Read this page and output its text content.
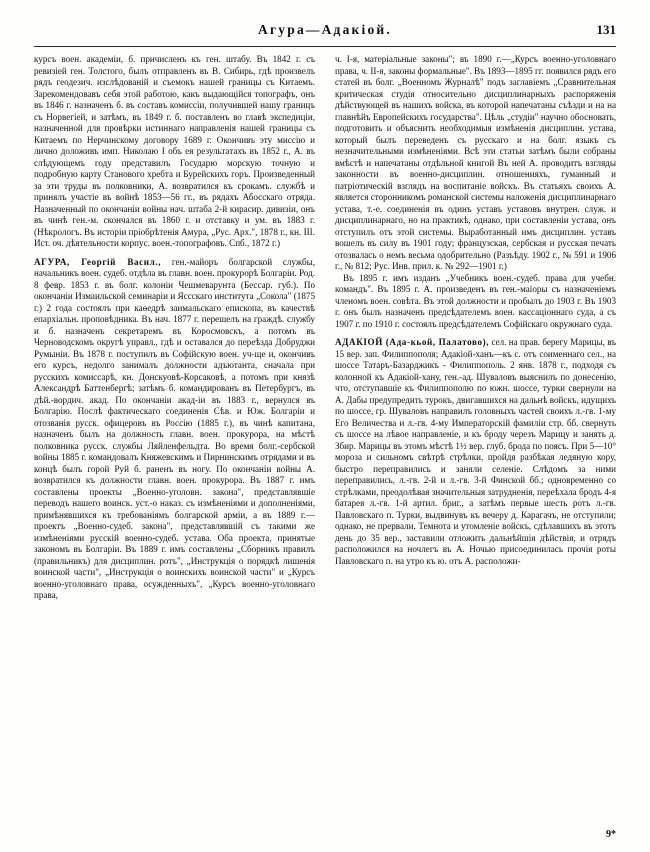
Агура—Адакіой.	131

курсъ воен. академіи, б. причисленъ къ ген. штабу. Въ 1842 г. съ ревизіей ген. Толстого, былъ отправленъ въ В. Сибирь, гдѣ произвелъ рядъ геодезич. изслѣдованій и съемокъ нашей границы съ Китаемъ. Зарекомендовавъ себя этой работою, какъ выдающійся топографъ, онъ въ 1846 г. назначенъ б. въ составъ комиссіи, получившей нашу границъ съ Норвегіей, и затѣмъ, въ 1849 г. б. поставленъ во главѣ экспедиціи, назначенной для провѣрки истиннаго направленія нашей границы съ Китаемъ по Нерчинскому договору 1689 г. Окончивъ эту миссію и лично доложивъ имп. Николаю I объ ея результатахъ въ 1852 г., А. въ слѣдующемъ году представилъ Государю морскую точную и подробную карту Станового хребта и Бурейскихъ горъ. Произведенный за эти труды въ полковники, А. возвратился къ срокамъ. службѣ и принялъ участіе въ войнѣ 1853—56 гг., въ рядахъ Абосскаго отряда. Назначенный по окончаніи войны нач. штаба 2-й кирасир. дивизіи, онъ въ чинѣ ген.-м. скончался въ 1860 г. и отставку и ум. въ 1883 г. (Нѣкрологъ. Въ исторіи пріобрѣтенія Амура, „Рус. Арх.", 1878 г., кн. III. Ист. оч. дѣятельности корпус. воен.-топографовъ. Спб., 1872 г.)

АГУРА, Георгій Васил., ген.-майоръ болгарской службы, начальникъ воен. судеб. отдѣла въ главн. воен. прокурорѣ Болгаріи. Род. 8 февр. 1853 г. въ болг. колоніи Чешмеварунта (Бессар. губ.). По окончаніи Измаильской семинаріи и Яссскаго института „Сокола" (1875 г.) 2 года состоялъ при каѳедрѣ заимальскаго епископа, въ качествѣ епархіальн. проповѣдника. Въ нач. 1877 г. перешелъ на граждѣ. службу и б. назначенъ секретаремъ въ Коросмовскъ, а потомъ въ Черноводскомъ округѣ управл., гдѣ и оставался до переѣзда Добруджи Румыніи. Въ 1878 г. поступилъ въ Софійскую воен. уч-ще и, окончивъ его курсъ, недолго занималъ должности адъютанта, сначала при русскихъ комиссарѣ, кн. Донскуовѣ-Корсаковѣ, а потомъ при князѣ Александрѣ Баттенбергѣ; затѣмъ б. командированъ въ Петербургъ, въ дѣй.-вордич. акад. По окончаніи акад-іи въ 1883 г., вернулся въ Болгарію. Послѣ фактическаго соединенія Сѣв. и Юж. Болгаріи и отозванія русск. офицеровъ въ Россію (1885 г.), въ чинѣ капитана, назначенъ былъ на должность главн. воен. прокурора, на мѣстѣ полковника русск. службы Ляйленфельдта. Во время болг.-сербской войны 1885 г. командовалъ Княжевскимъ и Пирнинскимъ отрядами и въ концѣ былъ горой Руй б. раненъ въ ногу. По окончаніи войны А. возвратился къ должности главн. воен. прокурора. Въ 1887 г. имъ составлены проекты „Военно-уголовн. закона", представлявшіе переводъ нашего воинск. уст.-о наказ. съ измѣненіями и дополненіями, примѣнявшихся къ требованіямъ болгарской арміи, а въ 1889 г.—проектъ „Военно-судеб. закона", представлявшій съ такими же измѣненіями русскій военно-судеб. устава. Оба проекта, принятые закономъ въ Болгаріи. Въ 1889 г. имъ составлены „Сборникъ правилъ (правильникъ) для дисциплин. ротъ", „Инструкція о порядкѣ лишенія воинской части", „Инструкція о воинскихъ воинской части" и „Курсъ военно-уголовнаго права, осужденныхъ", „Курсъ военно-уголовнаго права,

ч. I-я, матеріальные законы"; въ 1890 г.—„Курсъ военно-уголовнаго права, ч. II-я, законы формальные". Въ 1893—1895 гг. появился рядъ его статей въ болг. „Военномъ Журналѣ" подъ заглавіемъ „Сравнительная критическая студія относительно дисциплинарныхъ распоряженія дѣйствующей въ нашихъ войска, въ которой напечатаны съѣзди и на на главнѣйъ Европейскихъ государства". Цѣль „студіи" научно обосновать, подготовить и объяснить необходимыя измѣненія дисциплин. устава, который былъ переведенъ съ русскаго и на болг. языкъ съ незначительными измѣненіями. Всѣ эти статьи затѣмъ были собраны вмѣстѣ и напечатаны отдѣльной книгой Въ ней А. проводитъ взгляды законности въ военно-дисциплин. отношенияхъ, гуманный и патріотическій взглядъ на воспитаніе войскъ. Въ статьяхъ своихъ А. является сторонникомъ романской системы наложенія дисциплинарнаго устава, т.-е. соединенія въ одинъ уставъ уставовъ внутрен. служ. и дисциплинарнаго, но на практикѣ, однако, при составленіи устава, онъ отступилъ отъ этой системы. Выработанный имъ дисциплин. уставъ вошелъ въ силу въ 1901 году; французская, сербская и русская печать отозвалась о немъ весьма одобрительно (Разъѣду. 1902 г., № 591 и 1906 г., № 812; Рус. Инв. прил. к. № 292—1901 г.)

Въ 1895 г. имъ изданъ „Учебникъ воен.-судеб. права для учебн. командъ". Въ 1895 г. А. произведенъ въ ген.-маіоры съ назначеніемъ членомъ воен. совѣта. Въ этой должности и пробылъ до 1903 г. Въ 1903 г. онъ былъ назначенъ предсѣдателемъ воен. кассаціоннаго суда, а съ 1907 г. по 1910 г. состоялъ предсѣдателемъ Софійскаго окружнаго суда.

АДАКІОЙ (Ада-кьой, Палатово), сел. на прав. берегу Марицы, въ 15 вер. зап. Филиппополя; Адакіой-ханъ—къ с. отъ соименнаго сел., на шоссе Татаръ-Базарджикъ - Филиппополь. 2 янв. 1878 г., подходя съ колонной къ Адакіой-хану, ген.-ад. Шуваловъ выяснилъ по донесенію, что, отступавшіе къ Филиппополю по южн. шоссе, турки свернули на А. Дабы предупредить турокъ, двигавшихся на дальнѣ войскъ, идущихъ по шоссе, гр. Шуваловъ направилъ головныхъ частей своихъ л.-гв. 1-му Его Величества и л.-гв. 4-му Императорскій фамиліи стр. бб. свернуть съ шоссе на лѣвое направленіе, и къ броду черезъ Марицу и занять д. Збир. Марицы въ этомъ мѣстѣ 1½ вер. глуб. брода по поясъ. При 5—10° мороза и сильномъ свѣтрѣ стрѣлки, пройдя разбѣкая ледяную кору, быстро переправились и заняли селеніе. Слѣдомъ за ними переправились, л.-гв. 2-й и л.-гв. 3-й Финской бб.; одновременно со стрѣлками, преодолѣвая значительныя затрудненія, переѣхала бродъ 4-я батарея л.-гв. 1-й артил. бриг., а затѣмъ первые шесть ротъ л.-гв. Павловскаго п. Турки, выдвинувъ къ вечеру д. Карагачъ, не отступили; однако, не прервали. Темнота и утомленіе войскъ, сдѣлавшихъ въ этотъ день до 35 вер., заставили отложить дальнѣйшія дѣйствія, и отрядъ расположился на ночлегъ въ А. Ночью присоединилась прочія роты Павловскаго п. на утро къ ю. отъ А. расположи-

9*
